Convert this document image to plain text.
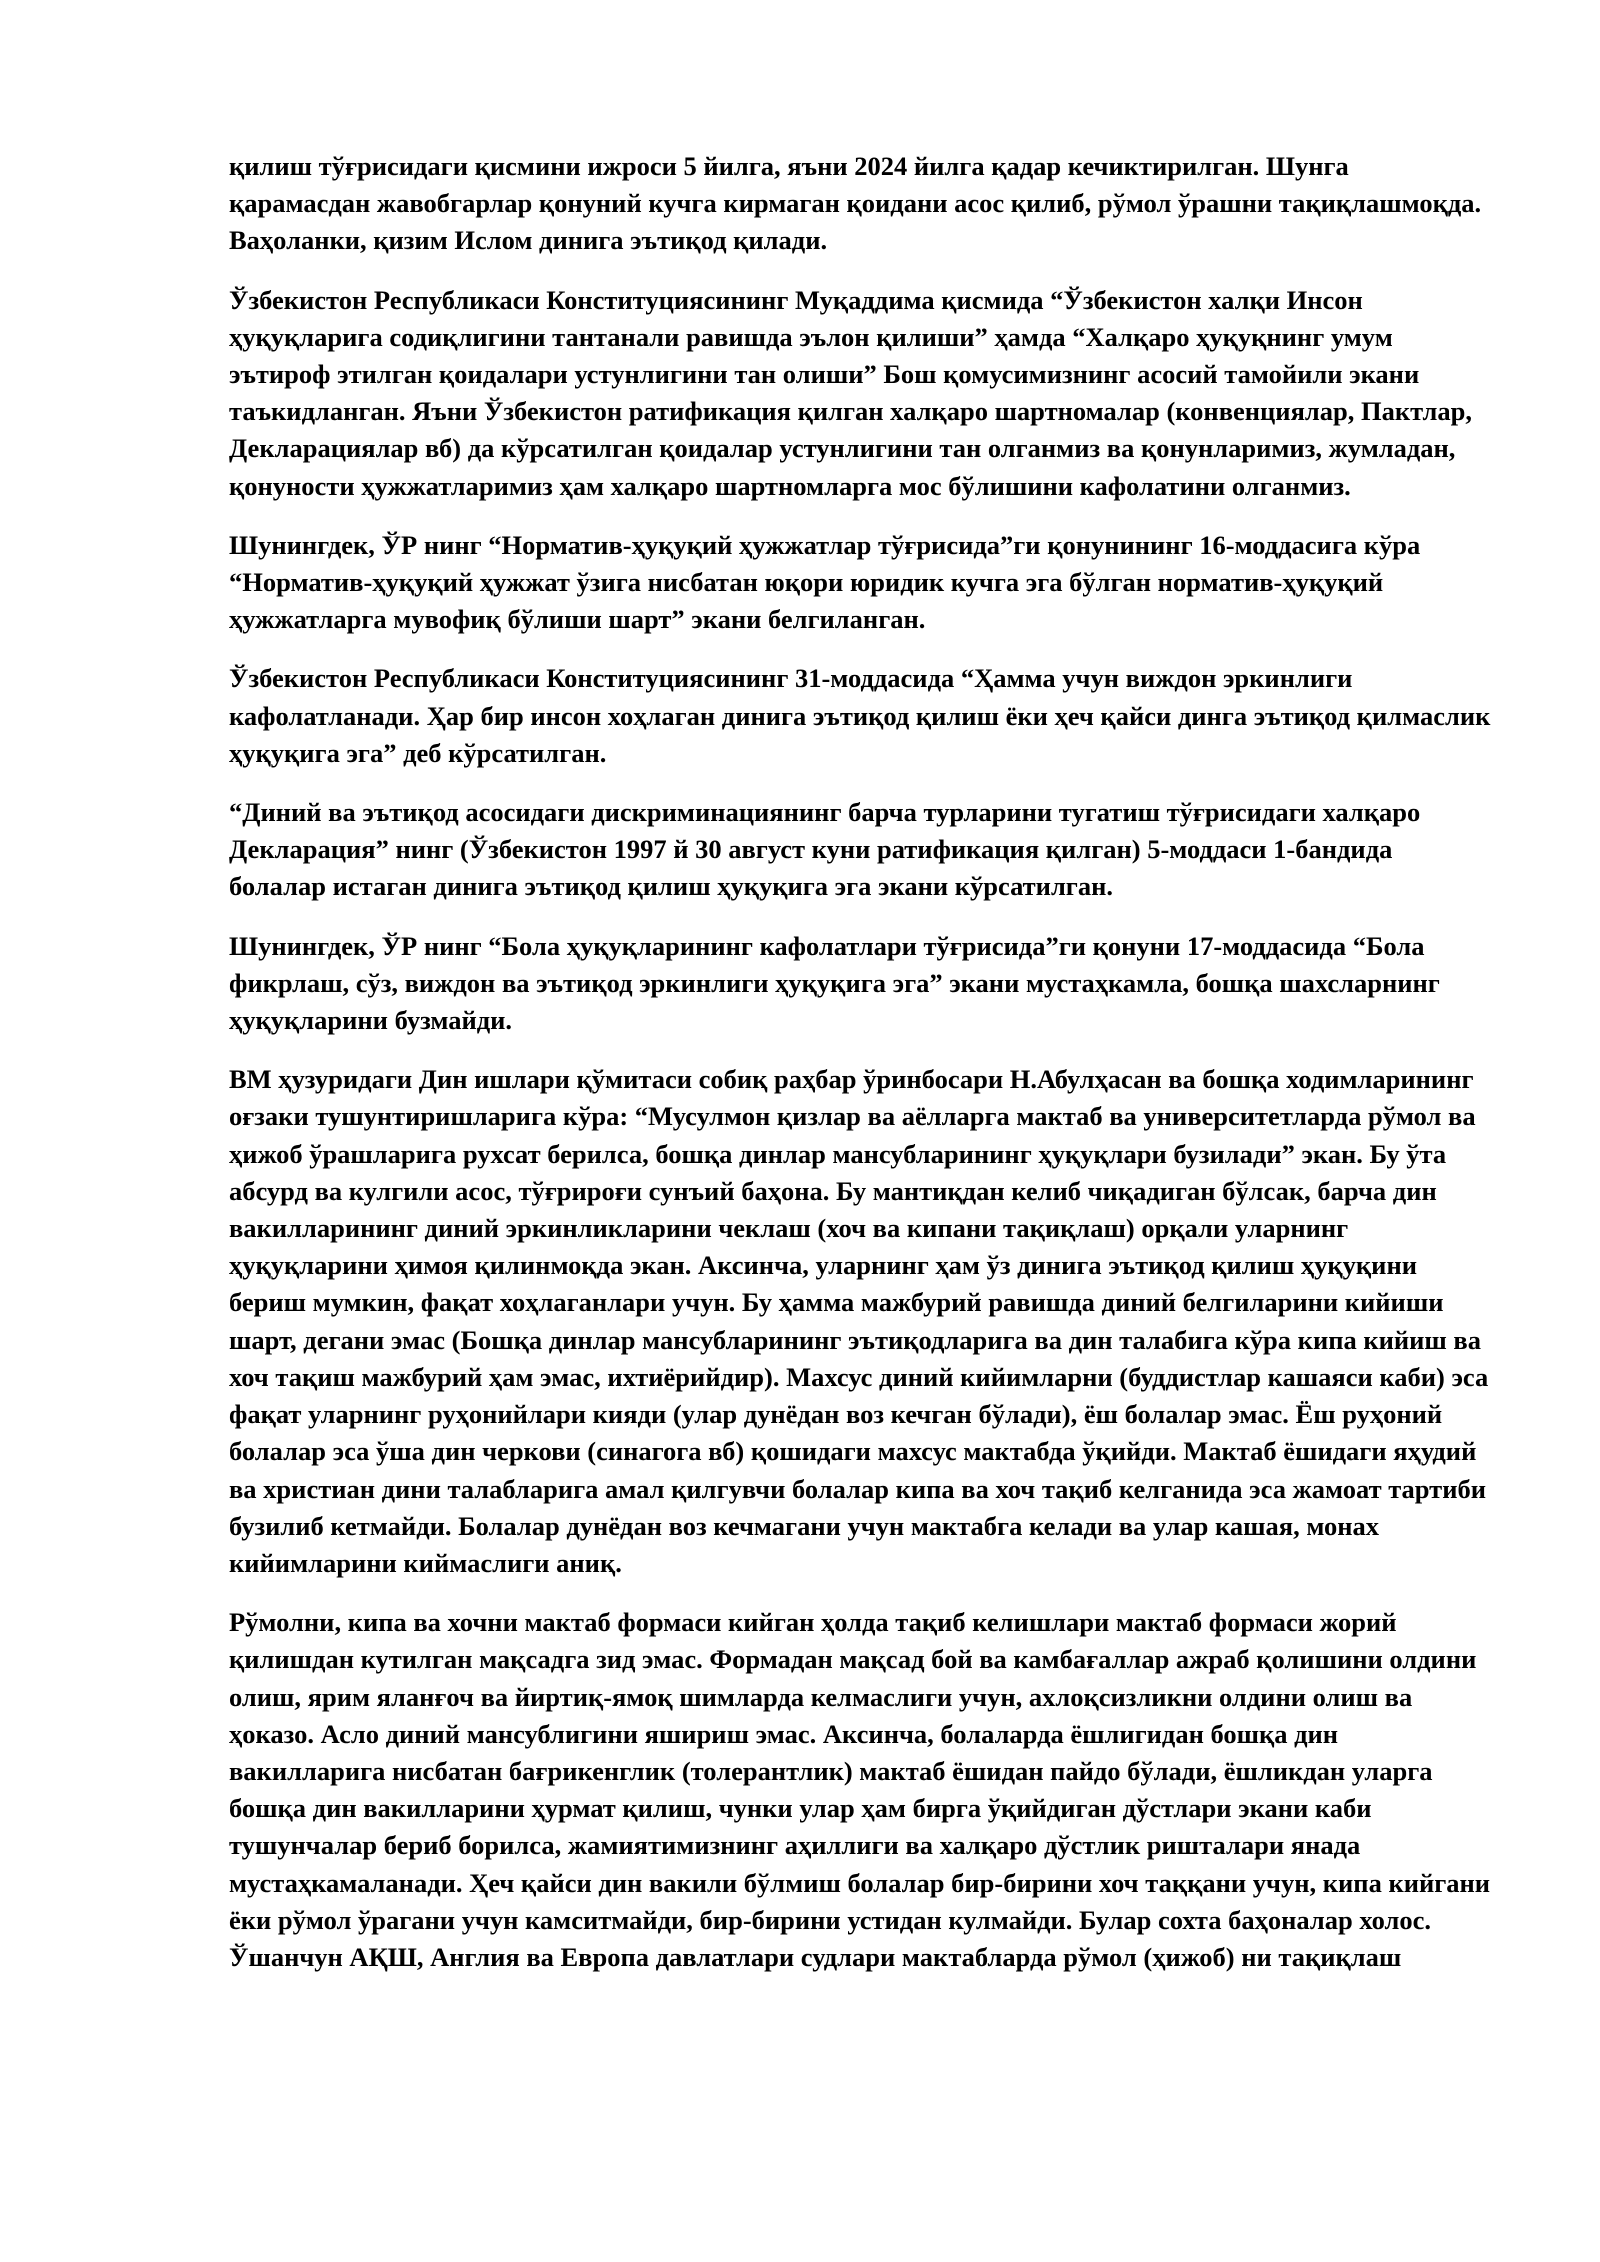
қилиш тўғрисидаги қисмини ижроси 5 йилга, яъни 2024 йилга қадар кечиктирилган. Шунга қарамасдан жавобгарлар қонуний кучга кирмаган қоидани асос қилиб, рўмол ўрашни тақиқлашмоқда. Ваҳоланки, қизим Ислом динига эътиқод қилади.

Ўзбекистон Республикаси Конституциясининг Муқаддима қисмида “Ўзбекистон халқи Инсон ҳуқуқларига содиқлигини тантанали равишда эълон қилиши” ҳамда “Халқаро ҳуқуқнинг умум эътироф этилган қоидалари устунлигини тан олиши” Бош қомусимизнинг асосий тамойили экани таъкидланган. Яъни Ўзбекистон ратификация қилган халқаро шартномалар (конвенциялар, Пактлар, Декларациялар вб) да кўрсатилган қоидалар устунлигини тан олганмиз ва қонунларимиз, жумладан, қонуности ҳужжатларимиз ҳам халқаро шартномларга мос бўлишини кафолатини олганмиз.

Шунингдек, ЎР нинг “Норматив-ҳуқуқий ҳужжатлар тўғрисида”ги қонунининг 16-моддасига кўра “Норматив-ҳуқуқий ҳужжат ўзига нисбатан юқори юридик кучга эга бўлган норматив-ҳуқуқий ҳужжатларга мувофиқ бўлиши шарт” экани белгиланган.

Ўзбекистон Республикаси Конституциясининг 31-моддасида “Ҳамма учун виждон эркинлиги кафолатланади. Ҳар бир инсон хоҳлаган динига эътиқод қилиш ёки ҳеч қайси динга эътиқод қилмаслик ҳуқуқига эга” деб кўрсатилган.

“Диний ва эътиқод асосидаги дискриминациянинг барча турларини тугатиш тўғрисидаги халқаро Декларация” нинг (Ўзбекистон 1997 й 30 август куни ратификация қилган) 5-моддаси 1-бандида болалар истаган динига эътиқод қилиш ҳуқуқига эга экани кўрсатилган.

Шунингдек, ЎР нинг “Бола ҳуқуқларининг кафолатлари тўғрисида”ги қонуни 17-моддасида “Бола фикрлаш, сўз, виждон ва эътиқод эркинлиги ҳуқуқига эга” экани мустаҳкамла, бошқа шахсларнинг ҳуқуқларини бузмайди.

ВМ ҳузуридаги Дин ишлари қўмитаси собиқ раҳбар ўринбосари Н.Абулҳасан ва бошқа ходимларининг оғзаки тушунтиришларига кўра: “Мусулмон қизлар ва аёлларга мактаб ва университетларда рўмол ва ҳижоб ўрашларига рухсат берилса, бошқа динлар мансубларининг ҳуқуқлари бузилади” экан. Бу ўта абсурд ва кулгили асос, тўғрироғи сунъий баҳона. Бу мантиқдан келиб чиқадиган бўлсак, барча дин вакилларининг диний эркинликларини чеклаш (хоч ва кипани тақиқлаш) орқали уларнинг ҳуқуқларини ҳимоя қилинмоқда экан. Аксинча, уларнинг ҳам ўз динига эътиқод қилиш ҳуқуқини бериш мумкин, фақат хоҳлаганлари учун. Бу ҳамма мажбурий равишда диний белгиларини кийиши шарт, дегани эмас (Бошқа динлар мансубларининг эътиқодларига ва дин талабига кўра кипа кийиш ва хоч тақиш мажбурий ҳам эмас, ихтиёрийдир). Махсус диний кийимларни (буддистлар кашаяси каби) эса фақат уларнинг руҳонийлари кияди (улар дунёдан воз кечган бўлади), ёш болалар эмас. Ёш руҳоний болалар эса ўша дин черкови (синагога вб) қошидаги махсус мактабда ўқийди. Мактаб ёшидаги яҳудий ва христиан дини талабларига амал қилгувчи болалар кипа ва хоч тақиб келганида эса жамоат тартиби бузилиб кетмайди. Болалар дунёдан воз кечмагани учун мактабга келади ва улар кашая, монах кийимларини киймаслиги аниқ.

Рўмолни, кипа ва хочни мактаб формаси кийган ҳолда тақиб келишлари мактаб формаси жорий қилишдан кутилган мақсадга зид эмас. Формадан мақсад бой ва камбағаллар ажраб қолишини олдини олиш, ярим яланғоч ва йиртиқ-ямоқ шимларда келмаслиги учун, ахлоқсизликни олдини олиш ва ҳоказо. Асло диний мансублигини яшириш эмас. Аксинча, болаларда ёшлигидан бошқа дин вакилларига нисбатан бағрикенглик (толерантлик) мактаб ёшидан пайдо бўлади, ёшликдан уларга бошқа дин вакилларини ҳурмат қилиш, чунки улар ҳам бирга ўқийдиган дўстлари экани каби тушунчалар бериб борилса, жамиятимизнинг аҳиллиги ва халқаро дўстлик ришталари янада мустаҳкамаланади. Ҳеч қайси дин вакили бўлмиш болалар бир-бирини хоч таққани учун, кипа кийгани ёки рўмол ўрагани учун камситмайди, бир-бирини устидан кулмайди. Булар сохта баҳоналар холос. Ўшанчун АҚШ, Англия ва Европа давлатлари судлари мактабларда рўмол (ҳижоб) ни тақиқлаш
